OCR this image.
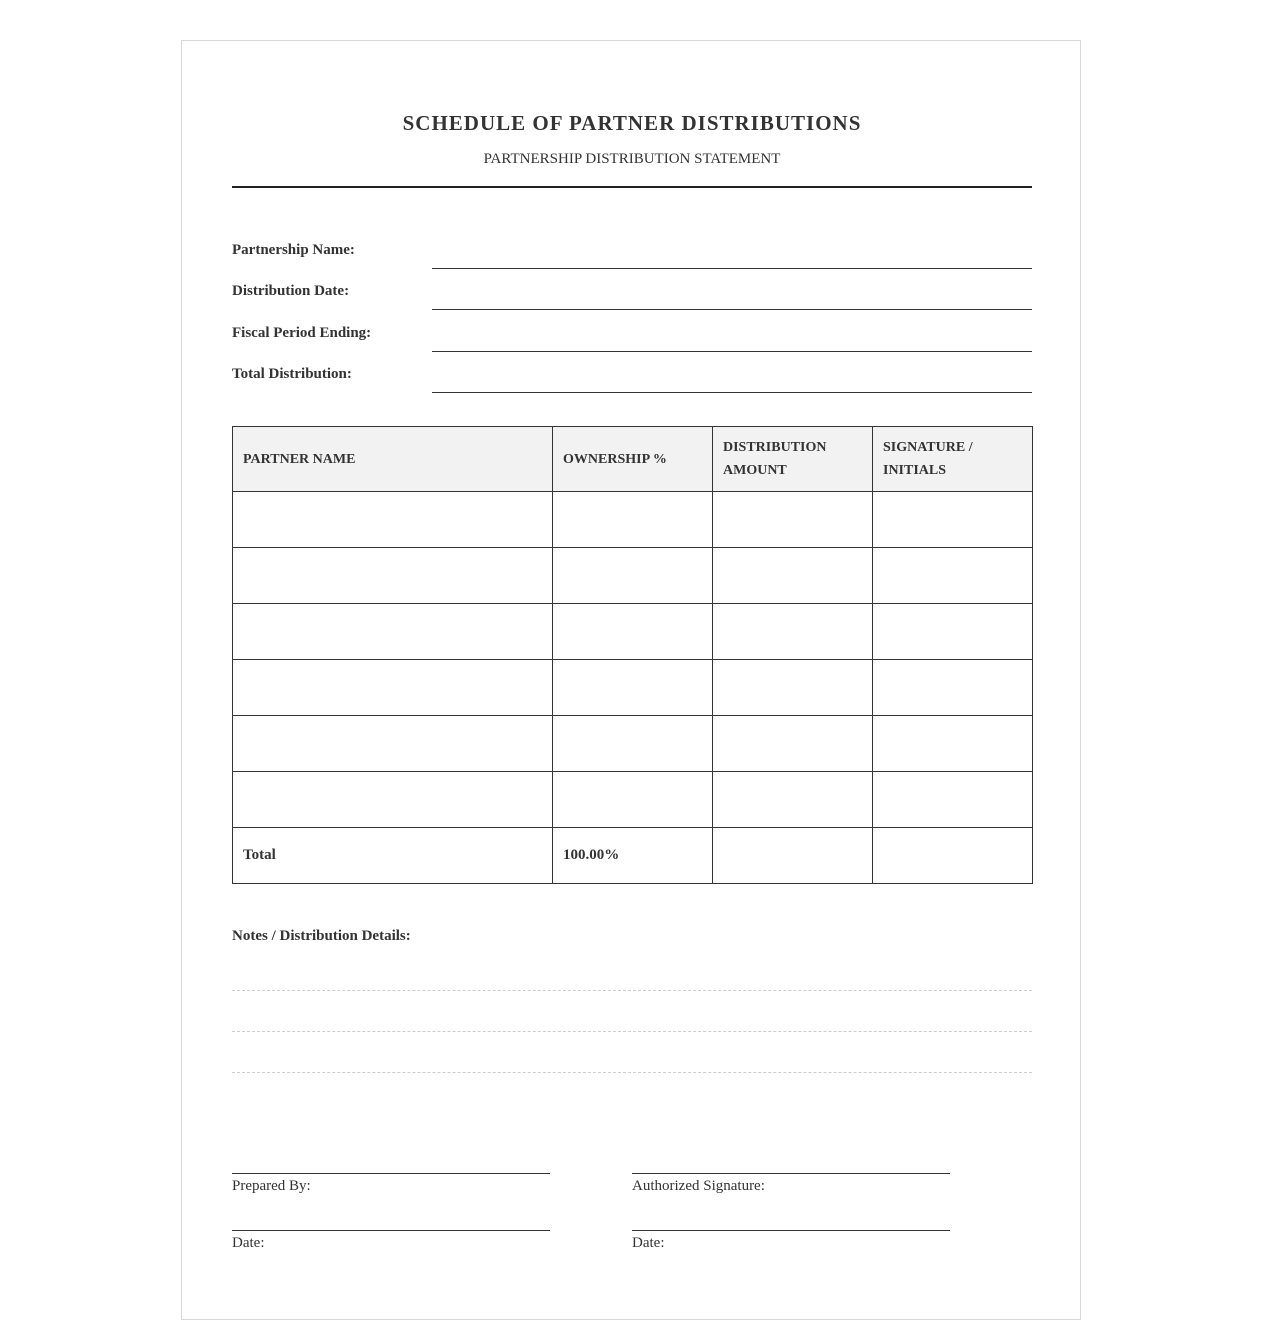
SCHEDULE OF PARTNER DISTRIBUTIONS
PARTNERSHIP DISTRIBUTION STATEMENT
Partnership Name:
Distribution Date:
Fiscal Period Ending:
Total Distribution:
PARTNER NAME	OWNERSHIP %	DISTRIBUTION AMOUNT	SIGNATURE / INITIALS

Total	100.00%		
Notes / Distribution Details:
Prepared By:	Authorized Signature:
Date:	Date:
